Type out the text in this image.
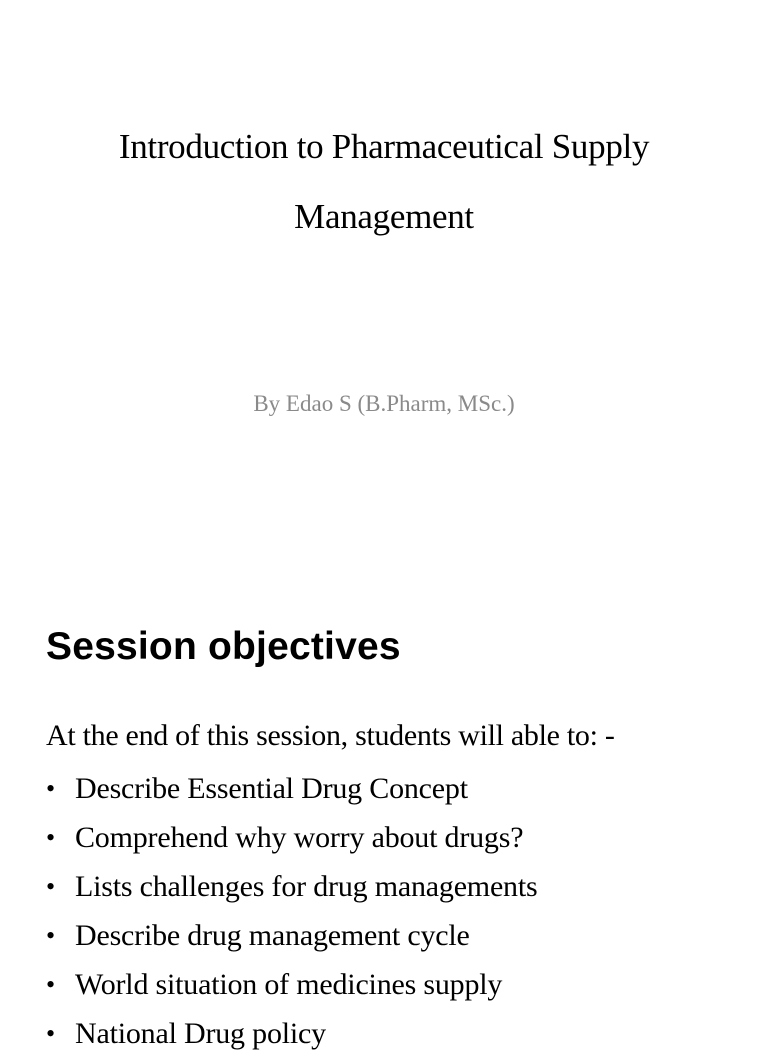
Introduction to Pharmaceutical Supply
Management

By Edao S (B.Pharm, MSc.)

Session objectives

At the end of this session, students will able to: -

• Describe Essential Drug Concept
• Comprehend why worry about drugs?
• Lists challenges for drug managements
• Describe drug management cycle
• World situation of medicines supply
• National Drug policy
